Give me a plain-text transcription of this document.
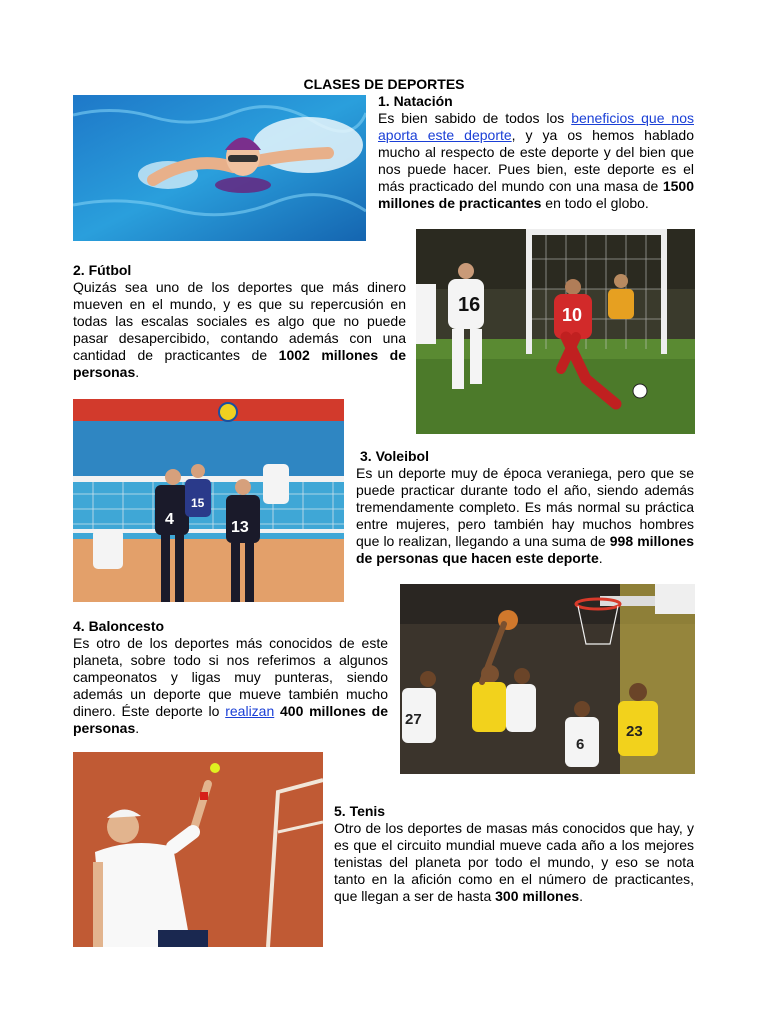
CLASES DE DEPORTES
1. Natación
Es bien sabido de todos los beneficios que nos aporta este deporte, y ya os hemos hablado mucho al respecto de este deporte y del bien que nos puede hacer. Pues bien, este deporte es el más practicado del mundo con una masa de 1500 millones de practicantes en todo el globo.
16	10
2. Fútbol
Quizás sea uno de los deportes que más dinero mueven en el mundo, y es que su repercusión en todas las escalas sociales es algo que no puede pasar desapercibido, contando además con una cantidad de practicantes de 1002 millones de personas.
4	13
15
3. Voleibol
Es un deporte muy de época veraniega, pero que se puede practicar durante todo el año, siendo además tremendamente completo. Es más normal su práctica entre mujeres, pero también hay muchos hombres que lo realizan, llegando a una suma de 998 millones de personas que hacen este deporte.
27
6
23
4. Baloncesto
Es otro de los deportes más conocidos de este planeta, sobre todo si nos referimos a algunos campeonatos y ligas muy punteras, siendo además un deporte que mueve también mucho dinero. Éste deporte lo realizan 400 millones de personas.
5. Tenis
Otro de los deportes de masas más conocidos que hay, y es que el circuito mundial mueve cada año a los mejores tenistas del planeta por todo el mundo, y eso se nota tanto en la afición como en el número de practicantes, que llegan a ser de hasta 300 millones.
